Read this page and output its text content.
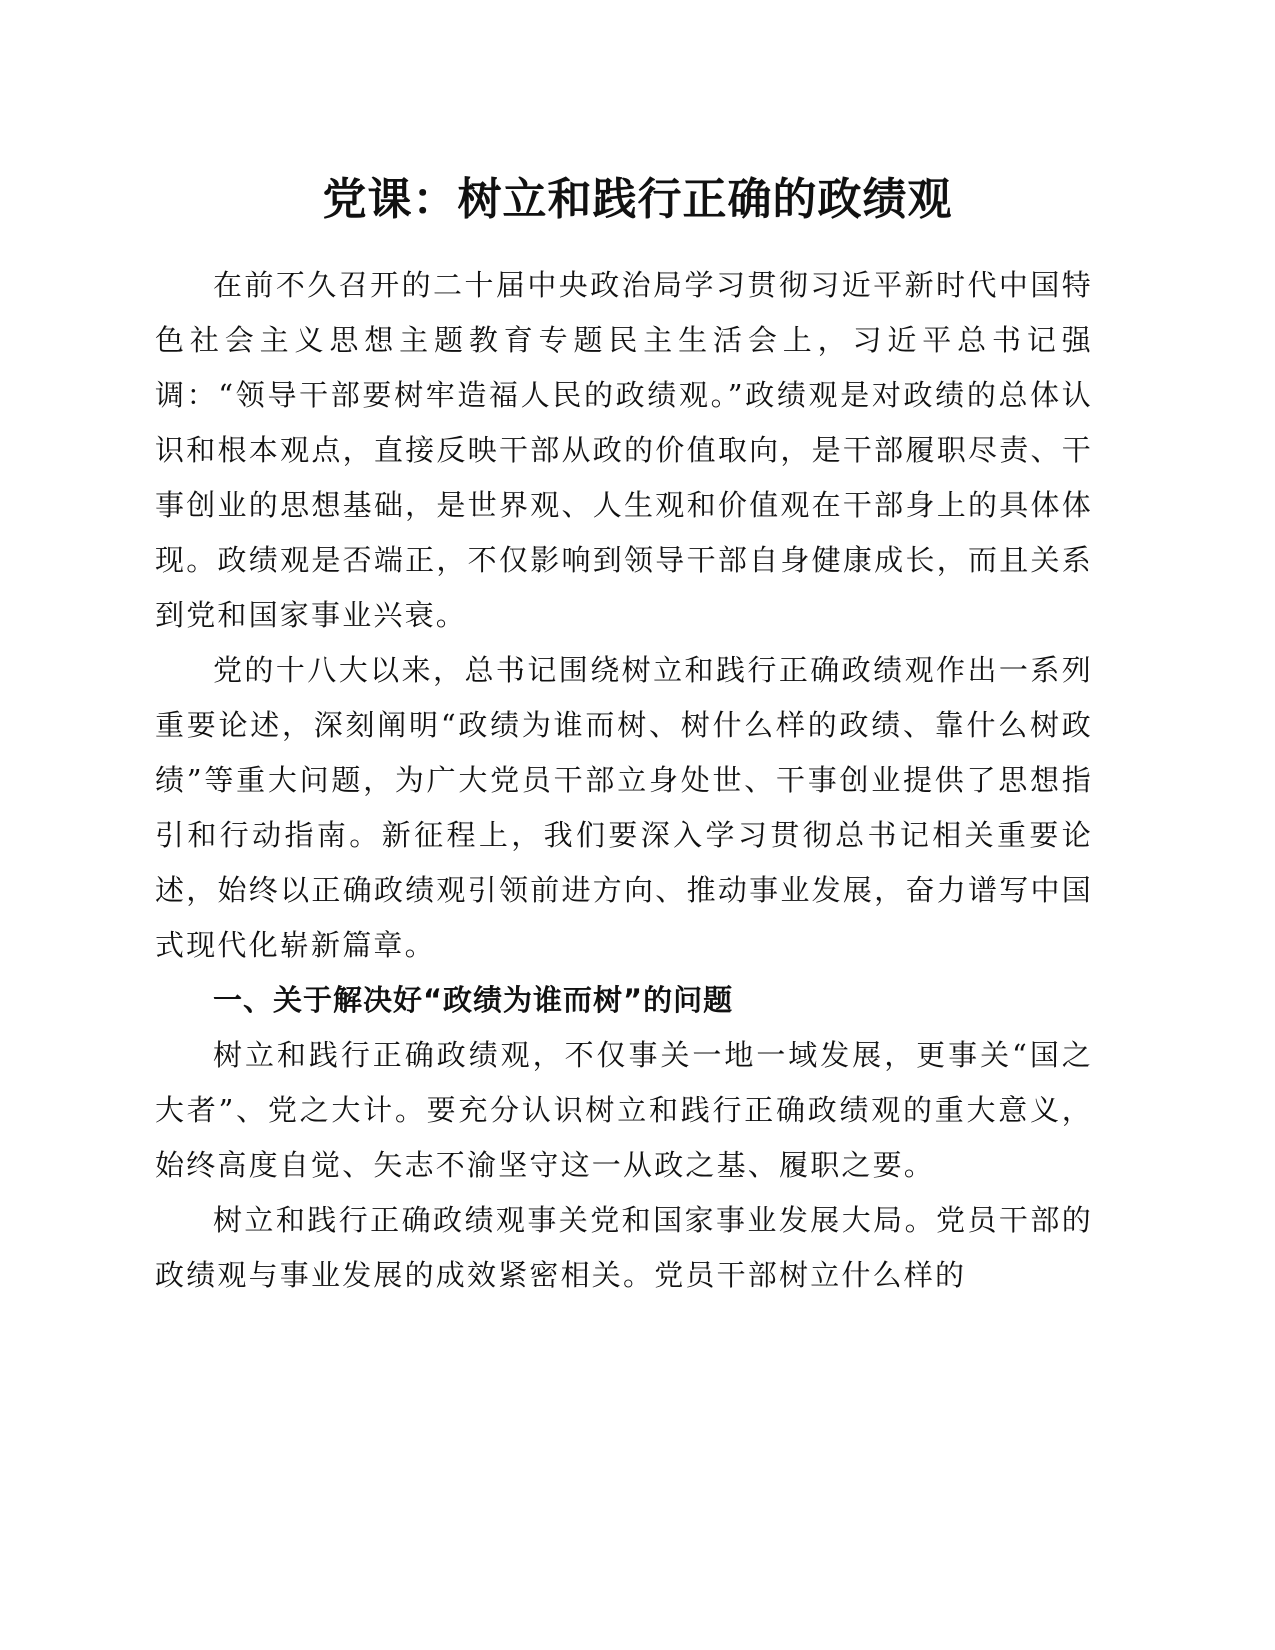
党课：树立和践行正确的政绩观

在前不久召开的二十届中央政治局学习贯彻习近平新时代中国特色社会主义思想主题教育专题民主生活会上，习近平总书记强调：“领导干部要树牢造福人民的政绩观。”政绩观是对政绩的总体认识和根本观点，直接反映干部从政的价值取向，是干部履职尽责、干事创业的思想基础，是世界观、人生观和价值观在干部身上的具体体现。政绩观是否端正，不仅影响到领导干部自身健康成长，而且关系到党和国家事业兴衰。

党的十八大以来，总书记围绕树立和践行正确政绩观作出一系列重要论述，深刻阐明“政绩为谁而树、树什么样的政绩、靠什么树政绩”等重大问题，为广大党员干部立身处世、干事创业提供了思想指引和行动指南。新征程上，我们要深入学习贯彻总书记相关重要论述，始终以正确政绩观引领前进方向、推动事业发展，奋力谱写中国式现代化崭新篇章。

一、关于解决好“政绩为谁而树”的问题

树立和践行正确政绩观，不仅事关一地一域发展，更事关“国之大者”、党之大计。要充分认识树立和践行正确政绩观的重大意义，始终高度自觉、矢志不渝坚守这一从政之基、履职之要。

树立和践行正确政绩观事关党和国家事业发展大局。党员干部的政绩观与事业发展的成效紧密相关。党员干部树立什么样的
